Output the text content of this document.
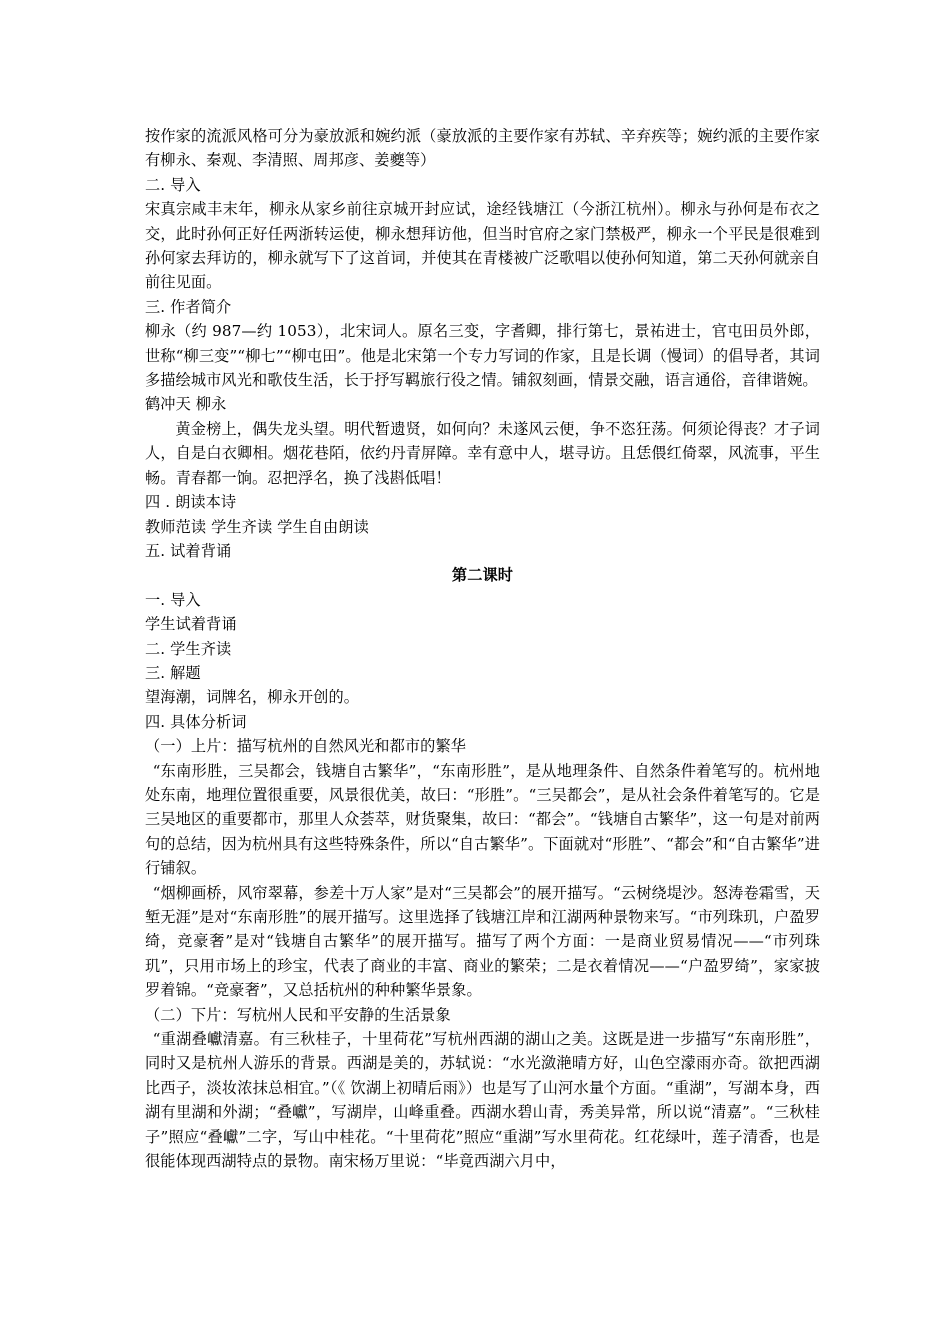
按作家的流派风格可分为豪放派和婉约派（豪放派的主要作家有苏轼、辛弃疾等；婉约派的主要作家有柳永、秦观、李清照、周邦彦、姜夔等）

二. 导入

宋真宗咸丰末年，柳永从家乡前往京城开封应试，途经钱塘江（今浙江杭州）。柳永与孙何是布衣之交，此时孙何正好任两浙转运使，柳永想拜访他，但当时官府之家门禁极严，柳永一个平民是很难到孙何家去拜访的，柳永就写下了这首词，并使其在青楼被广泛歌唱以使孙何知道，第二天孙何就亲自前往见面。

三. 作者简介

柳永（约 987—约 1053），北宋词人。原名三变，字耆卿，排行第七，景祐进士，官屯田员外郎，世称“柳三变”“柳七”“柳屯田”。他是北宋第一个专力写词的作家，且是长调（慢词）的倡导者，其词多描绘城市风光和歌伎生活，长于抒写羁旅行役之情。铺叙刻画，情景交融，语言通俗，音律谐婉。

鹤冲天 柳永

黄金榜上，偶失龙头望。明代暂遗贤，如何向？未遂风云便，争不恣狂荡。何须论得丧？才子词人，自是白衣卿相。烟花巷陌，依约丹青屏障。幸有意中人，堪寻访。且恁偎红倚翠，风流事，平生畅。青春都一饷。忍把浮名，换了浅斟低唱！

四 . 朗读本诗

教师范读 学生齐读 学生自由朗读

五. 试着背诵

第二课时

一. 导入

学生试着背诵

二. 学生齐读

三. 解题

望海潮，词牌名，柳永开创的。

四. 具体分析词

（一）上片：描写杭州的自然风光和都市的繁华

“东南形胜，三吴都会，钱塘自古繁华”，“东南形胜”，是从地理条件、自然条件着笔写的。杭州地处东南，地理位置很重要，风景很优美，故曰：“形胜”。“三吴都会”，是从社会条件着笔写的。它是三吴地区的重要都市，那里人众荟萃，财货聚集，故曰：“都会”。“钱塘自古繁华”，这一句是对前两句的总结，因为杭州具有这些特殊条件，所以“自古繁华”。下面就对“形胜”、“都会”和“自古繁华”进行铺叙。

“烟柳画桥，风帘翠幕，参差十万人家”是对“三吴都会”的展开描写。“云树绕堤沙。怒涛卷霜雪，天堑无涯”是对“东南形胜”的展开描写。这里选择了钱塘江岸和江湖两种景物来写。“市列珠玑，户盈罗绮，竞豪奢”是对“钱塘自古繁华”的展开描写。描写了两个方面：一是商业贸易情况——“市列珠玑”，只用市场上的珍宝，代表了商业的丰富、商业的繁荣；二是衣着情况——“户盈罗绮”，家家披罗着锦。“竞豪奢”，又总括杭州的种种繁华景象。

（二）下片：写杭州人民和平安静的生活景象

“重湖叠巘清嘉。有三秋桂子，十里荷花”写杭州西湖的湖山之美。这既是进一步描写“东南形胜”，同时又是杭州人游乐的背景。西湖是美的，苏轼说：“水光潋滟晴方好，山色空濛雨亦奇。欲把西湖比西子，淡妆浓抹总相宜。”（《 饮湖上初晴后雨》）也是写了山河水量个方面。“重湖”，写湖本身，西湖有里湖和外湖；“叠巘”，写湖岸，山峰重叠。西湖水碧山青，秀美异常，所以说“清嘉”。“三秋桂子”照应“叠巘”二字，写山中桂花。“十里荷花”照应“重湖”写水里荷花。红花绿叶，莲子清香，也是很能体现西湖特点的景物。南宋杨万里说：“毕竟西湖六月中，
